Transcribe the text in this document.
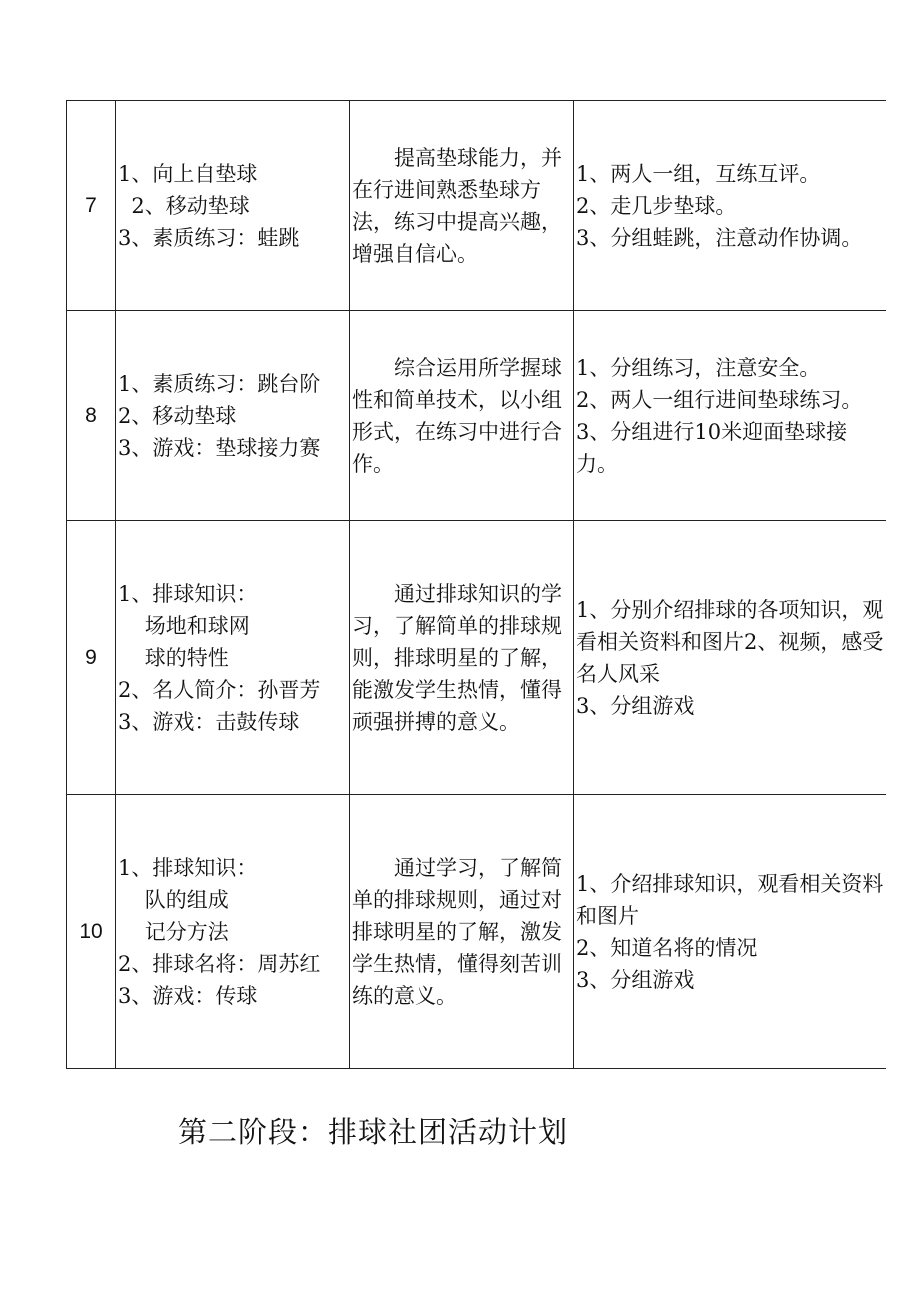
7	1、向上自垫球
2、移动垫球
3、素质练习：蛙跳	提高垫球能力，并在行进间熟悉垫球方法，练习中提高兴趣，增强自信心。	1、两人一组，互练互评。
2、走几步垫球。
3、分组蛙跳，注意动作协调。

8	1、素质练习：跳台阶
2、移动垫球
3、游戏：垫球接力赛	综合运用所学握球性和简单技术，以小组形式，在练习中进行合作。	1、分组练习，注意安全。
2、两人一组行进间垫球练习。
3、分组进行10米迎面垫球接力。

9	1、排球知识：
场地和球网
球的特性
2、名人简介：孙晋芳
3、游戏：击鼓传球	通过排球知识的学习，了解简单的排球规则，排球明星的了解，能激发学生热情，懂得顽强拼搏的意义。	1、分别介绍排球的各项知识，观看相关资料和图片2、视频，感受名人风采
3、分组游戏

10	1、排球知识：
队的组成
记分方法
2、排球名将：周苏红
3、游戏：传球	通过学习，了解简单的排球规则，通过对排球明星的了解，激发学生热情，懂得刻苦训练的意义。	1、介绍排球知识，观看相关资料和图片
2、知道名将的情况
3、分组游戏
第二阶段：排球社团活动计划
